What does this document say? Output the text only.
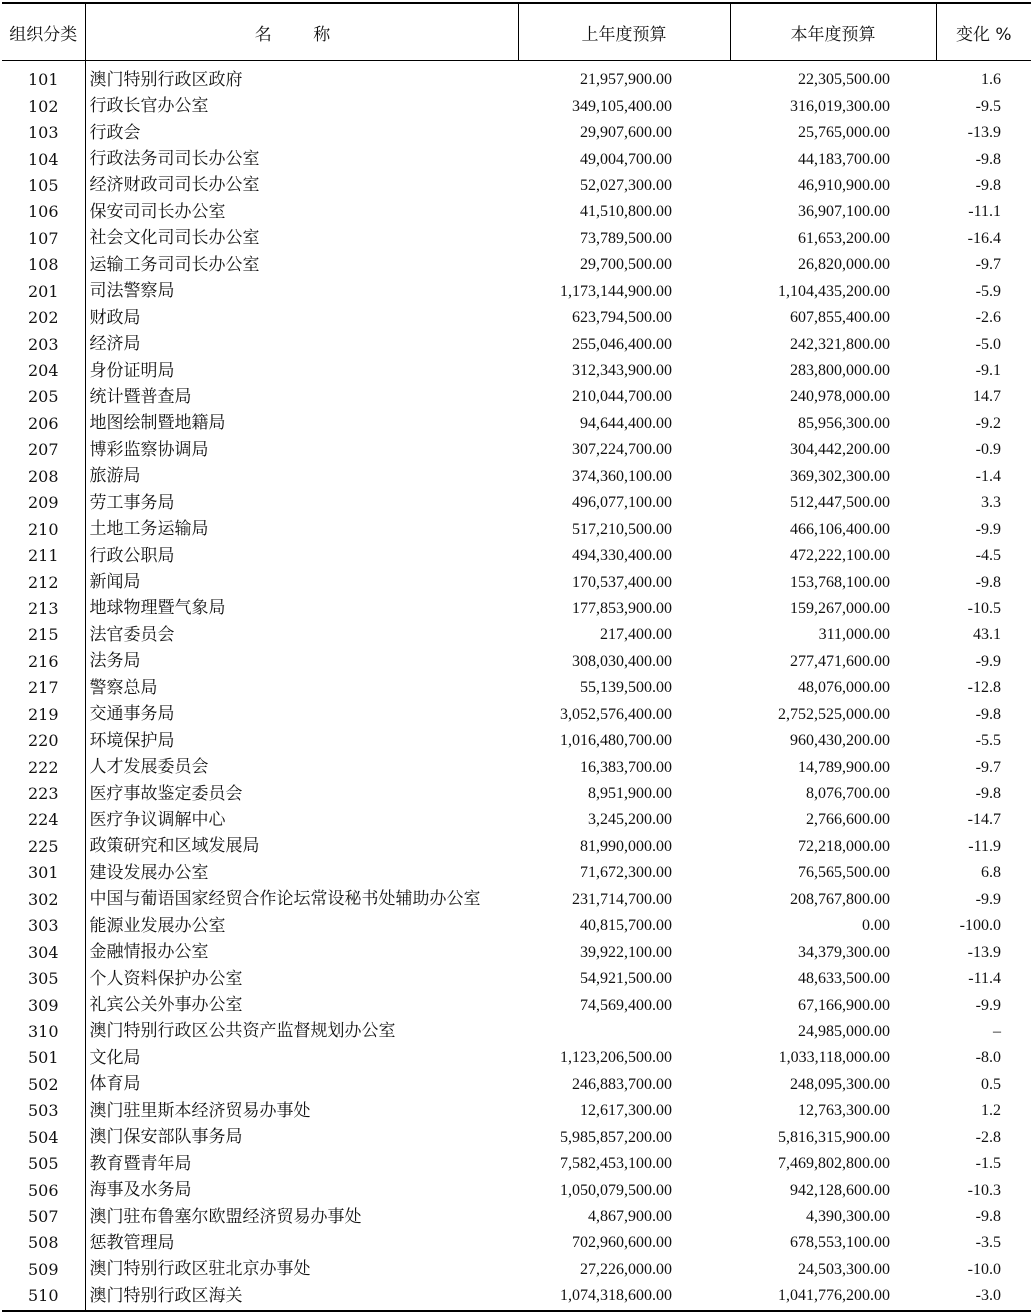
组织分类	名 称	上年度预算	本年度预算	变化 %
101	澳门特别行政区政府	21,957,900.00	22,305,500.00	1.6
102	行政长官办公室	349,105,400.00	316,019,300.00	-9.5
103	行政会	29,907,600.00	25,765,000.00	-13.9
104	行政法务司司长办公室	49,004,700.00	44,183,700.00	-9.8
105	经济财政司司长办公室	52,027,300.00	46,910,900.00	-9.8
106	保安司司长办公室	41,510,800.00	36,907,100.00	-11.1
107	社会文化司司长办公室	73,789,500.00	61,653,200.00	-16.4
108	运输工务司司长办公室	29,700,500.00	26,820,000.00	-9.7
201	司法警察局	1,173,144,900.00	1,104,435,200.00	-5.9
202	财政局	623,794,500.00	607,855,400.00	-2.6
203	经济局	255,046,400.00	242,321,800.00	-5.0
204	身份证明局	312,343,900.00	283,800,000.00	-9.1
205	统计暨普查局	210,044,700.00	240,978,000.00	14.7
206	地图绘制暨地籍局	94,644,400.00	85,956,300.00	-9.2
207	博彩监察协调局	307,224,700.00	304,442,200.00	-0.9
208	旅游局	374,360,100.00	369,302,300.00	-1.4
209	劳工事务局	496,077,100.00	512,447,500.00	3.3
210	土地工务运输局	517,210,500.00	466,106,400.00	-9.9
211	行政公职局	494,330,400.00	472,222,100.00	-4.5
212	新闻局	170,537,400.00	153,768,100.00	-9.8
213	地球物理暨气象局	177,853,900.00	159,267,000.00	-10.5
215	法官委员会	217,400.00	311,000.00	43.1
216	法务局	308,030,400.00	277,471,600.00	-9.9
217	警察总局	55,139,500.00	48,076,000.00	-12.8
219	交通事务局	3,052,576,400.00	2,752,525,000.00	-9.8
220	环境保护局	1,016,480,700.00	960,430,200.00	-5.5
222	人才发展委员会	16,383,700.00	14,789,900.00	-9.7
223	医疗事故鉴定委员会	8,951,900.00	8,076,700.00	-9.8
224	医疗争议调解中心	3,245,200.00	2,766,600.00	-14.7
225	政策研究和区域发展局	81,990,000.00	72,218,000.00	-11.9
301	建设发展办公室	71,672,300.00	76,565,500.00	6.8
302	中国与葡语国家经贸合作论坛常设秘书处辅助办公室	231,714,700.00	208,767,800.00	-9.9
303	能源业发展办公室	40,815,700.00	0.00	-100.0
304	金融情报办公室	39,922,100.00	34,379,300.00	-13.9
305	个人资料保护办公室	54,921,500.00	48,633,500.00	-11.4
309	礼宾公关外事办公室	74,569,400.00	67,166,900.00	-9.9
310	澳门特别行政区公共资产监督规划办公室		24,985,000.00	–
501	文化局	1,123,206,500.00	1,033,118,000.00	-8.0
502	体育局	246,883,700.00	248,095,300.00	0.5
503	澳门驻里斯本经济贸易办事处	12,617,300.00	12,763,300.00	1.2
504	澳门保安部队事务局	5,985,857,200.00	5,816,315,900.00	-2.8
505	教育暨青年局	7,582,453,100.00	7,469,802,800.00	-1.5
506	海事及水务局	1,050,079,500.00	942,128,600.00	-10.3
507	澳门驻布鲁塞尔欧盟经济贸易办事处	4,867,900.00	4,390,300.00	-9.8
508	惩教管理局	702,960,600.00	678,553,100.00	-3.5
509	澳门特别行政区驻北京办事处	27,226,000.00	24,503,300.00	-10.0
510	澳门特别行政区海关	1,074,318,600.00	1,041,776,200.00	-3.0
